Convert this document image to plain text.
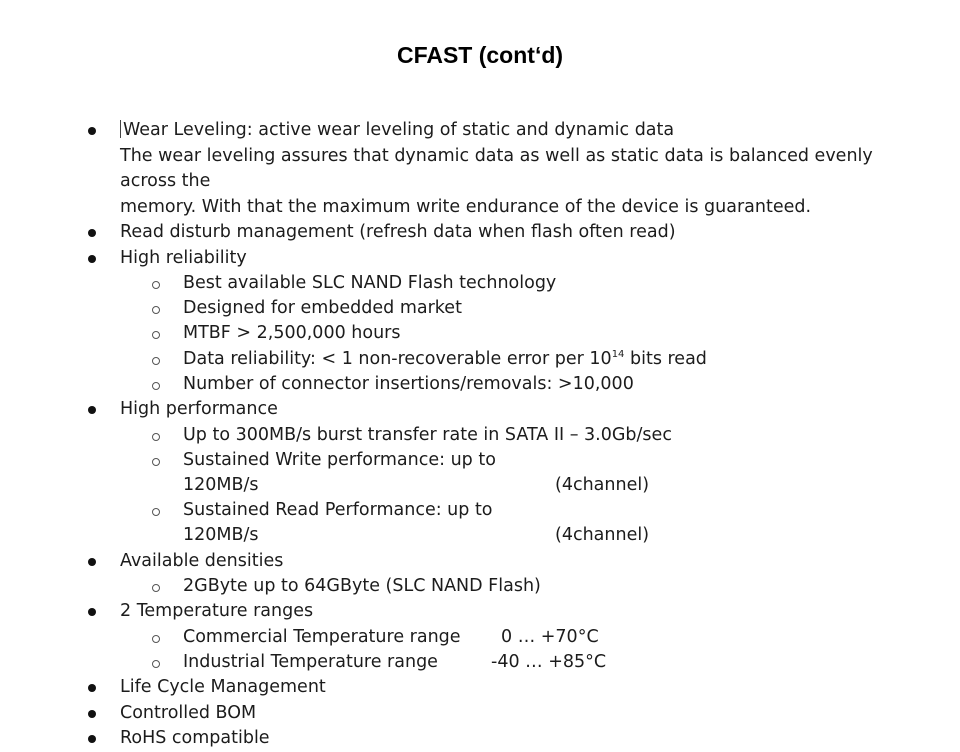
CFAST (cont‘d)
Wear Leveling: active wear leveling of static and dynamic data
The wear leveling assures that dynamic data as well as static data is balanced evenly across the
memory. With that the maximum write endurance of the device is guaranteed.
Read disturb management (refresh data when flash often read)
High reliability
Best available SLC NAND Flash technology
Designed for embedded market
MTBF > 2,500,000 hours
Data reliability: < 1 non-recoverable error per $10^{14}$ bits read
Number of connector insertions/removals: >10,000
High performance
Up to 300MB/s burst transfer rate in SATA II – 3.0Gb/sec
Sustained Write performance: up to 120MB/s	(4channel)
Sustained Read Performance: up to 120MB/s	(4channel)
Available densities
2GByte up to 64GByte (SLC NAND Flash)
2 Temperature ranges
Commercial Temperature range 0 … +70°C
Industrial Temperature range	-40 … +85°C
Life Cycle Management
Controlled BOM
RoHS compatible
